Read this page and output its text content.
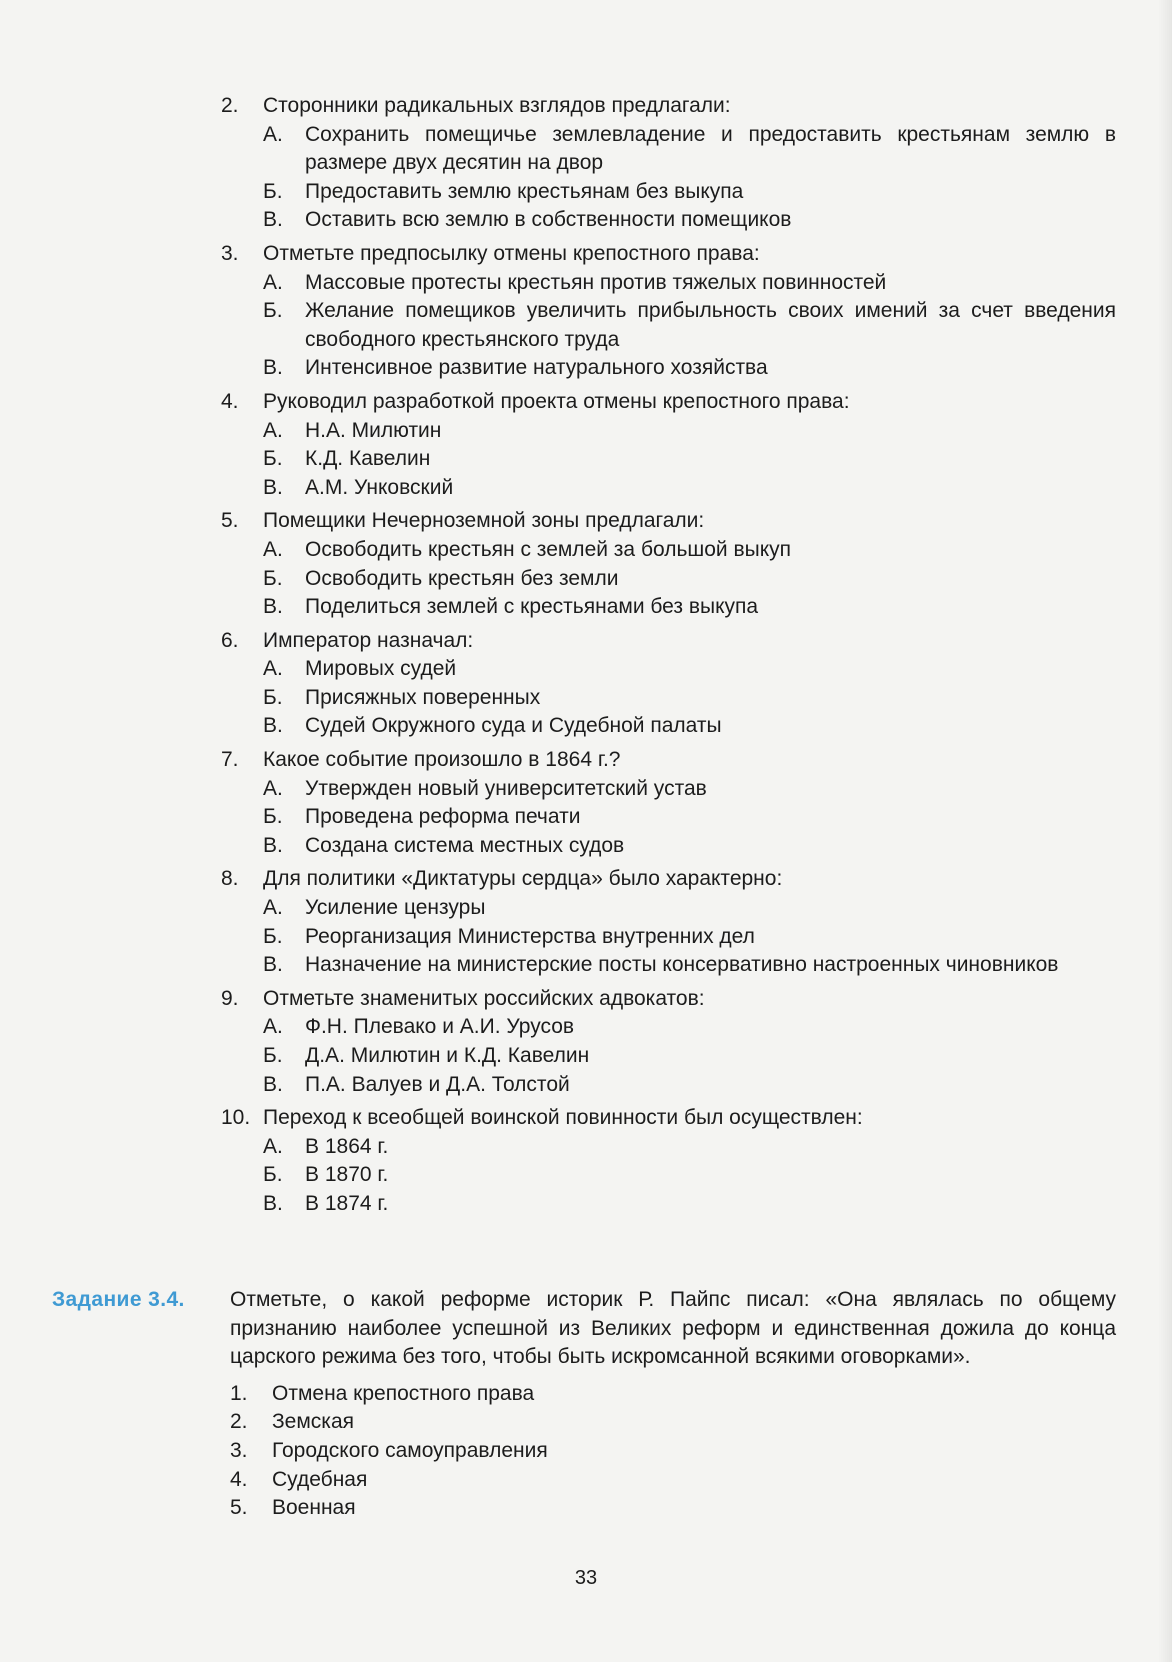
2.	Сторонники радикальных взглядов предлагали:
А.	Сохранить помещичье землевладение и предоставить крестьянам землю в размере двух десятин на двор
Б.	Предоставить землю крестьянам без выкупа
В.	Оставить всю землю в собственности помещиков
3.	Отметьте предпосылку отмены крепостного права:
А.	Массовые протесты крестьян против тяжелых повинностей
Б.	Желание помещиков увеличить прибыльность своих имений за счет введения свободного крестьянского труда
В.	Интенсивное развитие натурального хозяйства
4.	Руководил разработкой проекта отмены крепостного права:
А.	Н.А. Милютин
Б.	К.Д. Кавелин
В.	А.М. Унковский
5.	Помещики Нечерноземной зоны предлагали:
А.	Освободить крестьян с землей за большой выкуп
Б.	Освободить крестьян без земли
В.	Поделиться землей с крестьянами без выкупа
6.	Император назначал:
А.	Мировых судей
Б.	Присяжных поверенных
В.	Судей Окружного суда и Судебной палаты
7.	Какое событие произошло в 1864 г.?
А.	Утвержден новый университетский устав
Б.	Проведена реформа печати
В.	Создана система местных судов
8.	Для политики «Диктатуры сердца» было характерно:
А.	Усиление цензуры
Б.	Реорганизация Министерства внутренних дел
В.	Назначение на министерские посты консервативно настроенных чиновников
9.	Отметьте знаменитых российских адвокатов:
А.	Ф.Н. Плевако и А.И. Урусов
Б.	Д.А. Милютин и К.Д. Кавелин
В.	П.А. Валуев и Д.А. Толстой
10. Переход к всеобщей воинской повинности был осуществлен:
А.	В 1864 г.
Б.	В 1870 г.
В.	В 1874 г.
Задание 3.4.	Отметьте, о какой реформе историк Р. Пайпс писал: «Она являлась по общему признанию наиболее успешной из Великих реформ и единственная дожила до конца царского режима без того, чтобы быть искромсанной всякими оговорками».
1.	Отмена крепостного права
2.	Земская
3.	Городского самоуправления
4.	Судебная
5.	Военная
33
